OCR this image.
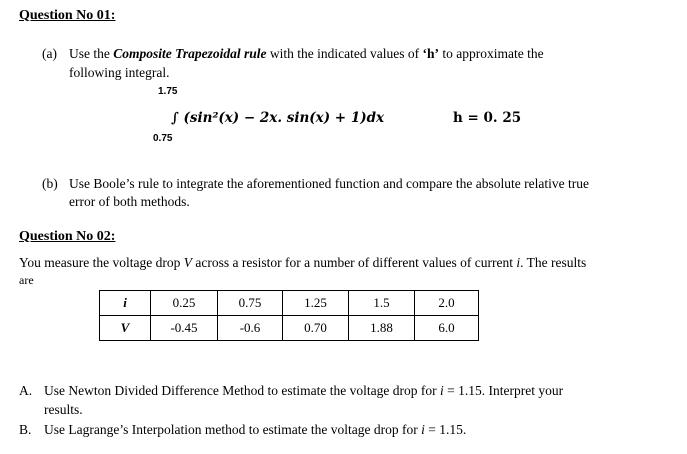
Question No 01:
(a) Use the Composite Trapezoidal rule with the indicated values of ‘h’ to approximate the
following integral.
1.75
∫ (sin²(x) − 2x. sin(x) + 1)dx
0.75
h = 0. 25
(b) Use Boole’s rule to integrate the aforementioned function and compare the absolute relative true
error of both methods.
Question No 02:
You measure the voltage drop V across a resistor for a number of different values of current i. The results
are
i	0.25	0.75	1.25	1.5	2.0
V	-0.45	-0.6	0.70	1.88	6.0
A. Use Newton Divided Difference Method to estimate the voltage drop for i = 1.15. Interpret your
results.
B. Use Lagrange’s Interpolation method to estimate the voltage drop for i = 1.15.
